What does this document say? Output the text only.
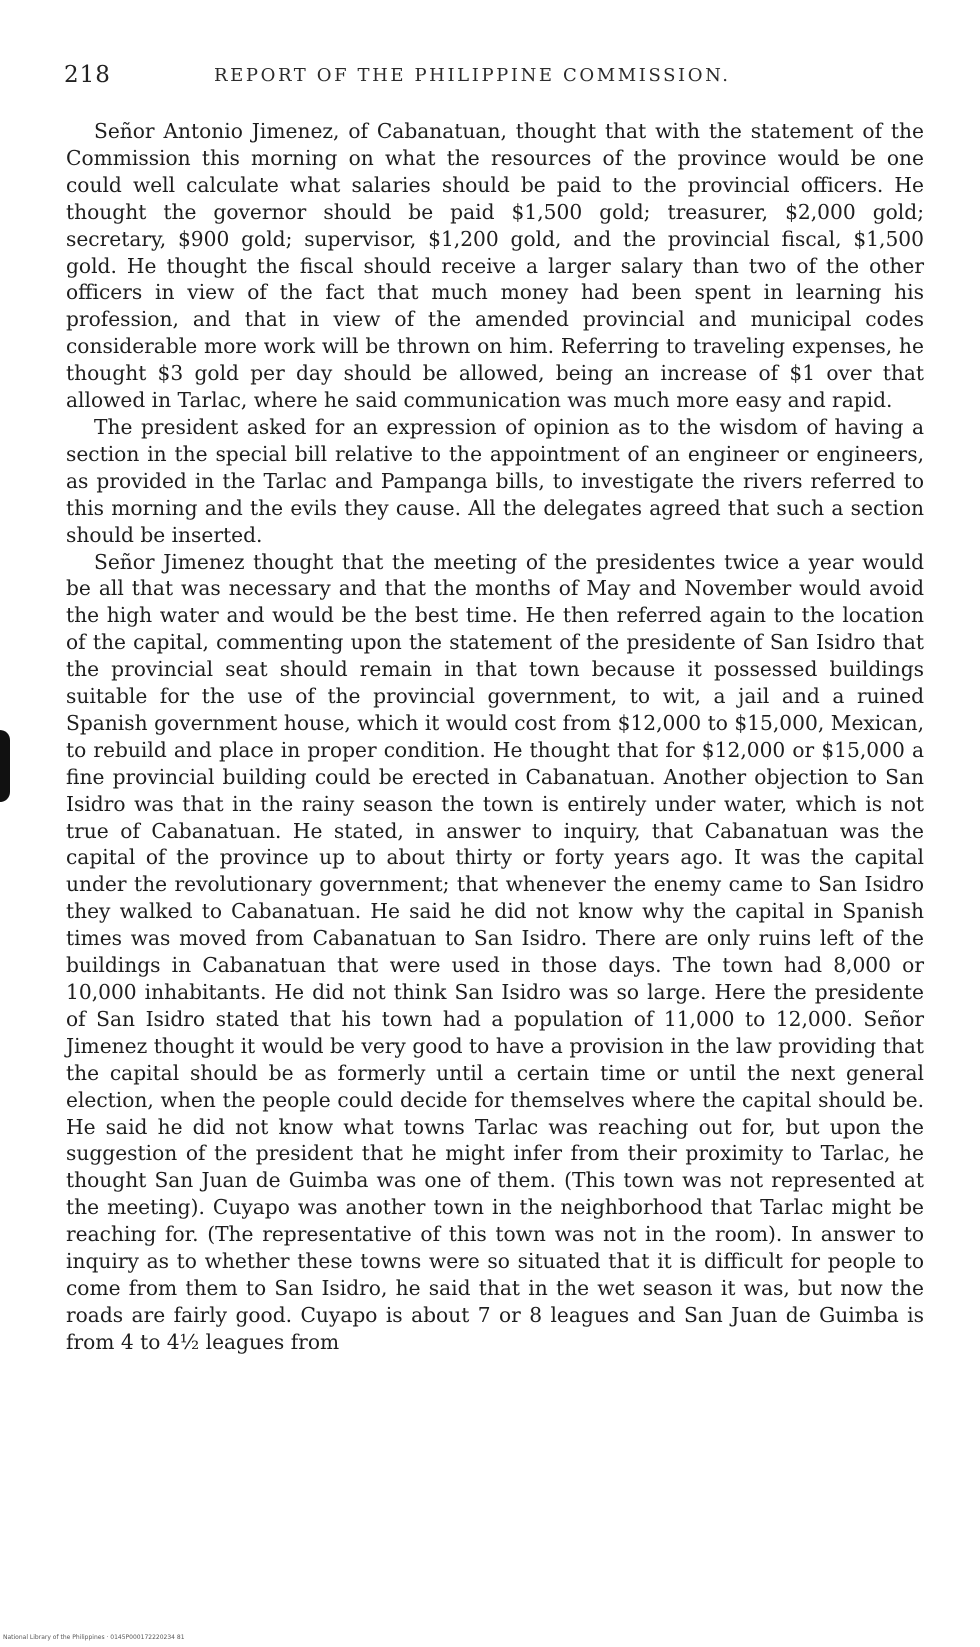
218	REPORT OF THE PHILIPPINE COMMISSION.

Señor Antonio Jimenez, of Cabanatuan, thought that with the statement of the Commission this morning on what the resources of the province would be one could well calculate what salaries should be paid to the provincial officers. He thought the governor should be paid $1,500 gold; treasurer, $2,000 gold; secretary, $900 gold; supervisor, $1,200 gold, and the provincial fiscal, $1,500 gold. He thought the fiscal should receive a larger salary than two of the other officers in view of the fact that much money had been spent in learning his profession, and that in view of the amended provincial and municipal codes considerable more work will be thrown on him. Referring to traveling expenses, he thought $3 gold per day should be allowed, being an increase of $1 over that allowed in Tarlac, where he said communication was much more easy and rapid.

The president asked for an expression of opinion as to the wisdom of having a section in the special bill relative to the appointment of an engineer or engineers, as provided in the Tarlac and Pampanga bills, to investigate the rivers referred to this morning and the evils they cause. All the delegates agreed that such a section should be inserted.

Señor Jimenez thought that the meeting of the presidentes twice a year would be all that was necessary and that the months of May and November would avoid the high water and would be the best time. He then referred again to the location of the capital, commenting upon the statement of the presidente of San Isidro that the provincial seat should remain in that town because it possessed buildings suitable for the use of the provincial government, to wit, a jail and a ruined Spanish government house, which it would cost from $12,000 to $15,000, Mexican, to rebuild and place in proper condition. He thought that for $12,000 or $15,000 a fine provincial building could be erected in Cabanatuan. Another objection to San Isidro was that in the rainy season the town is entirely under water, which is not true of Cabanatuan. He stated, in answer to inquiry, that Cabanatuan was the capital of the province up to about thirty or forty years ago. It was the capital under the revolutionary government; that whenever the enemy came to San Isidro they walked to Cabanatuan. He said he did not know why the capital in Spanish times was moved from Cabanatuan to San Isidro. There are only ruins left of the buildings in Cabanatuan that were used in those days. The town had 8,000 or 10,000 inhabitants. He did not think San Isidro was so large. Here the presidente of San Isidro stated that his town had a population of 11,000 to 12,000. Señor Jimenez thought it would be very good to have a provision in the law providing that the capital should be as formerly until a certain time or until the next general election, when the people could decide for themselves where the capital should be. He said he did not know what towns Tarlac was reaching out for, but upon the suggestion of the president that he might infer from their proximity to Tarlac, he thought San Juan de Guimba was one of them. (This town was not represented at the meeting). Cuyapo was another town in the neighborhood that Tarlac might be reaching for. (The representative of this town was not in the room). In answer to inquiry as to whether these towns were so situated that it is difficult for people to come from them to San Isidro, he said that in the wet season it was, but now the roads are fairly good. Cuyapo is about 7 or 8 leagues and San Juan de Guimba is from 4 to 4½ leagues from

National Library of the Philippines · 0145P000172220234 81
